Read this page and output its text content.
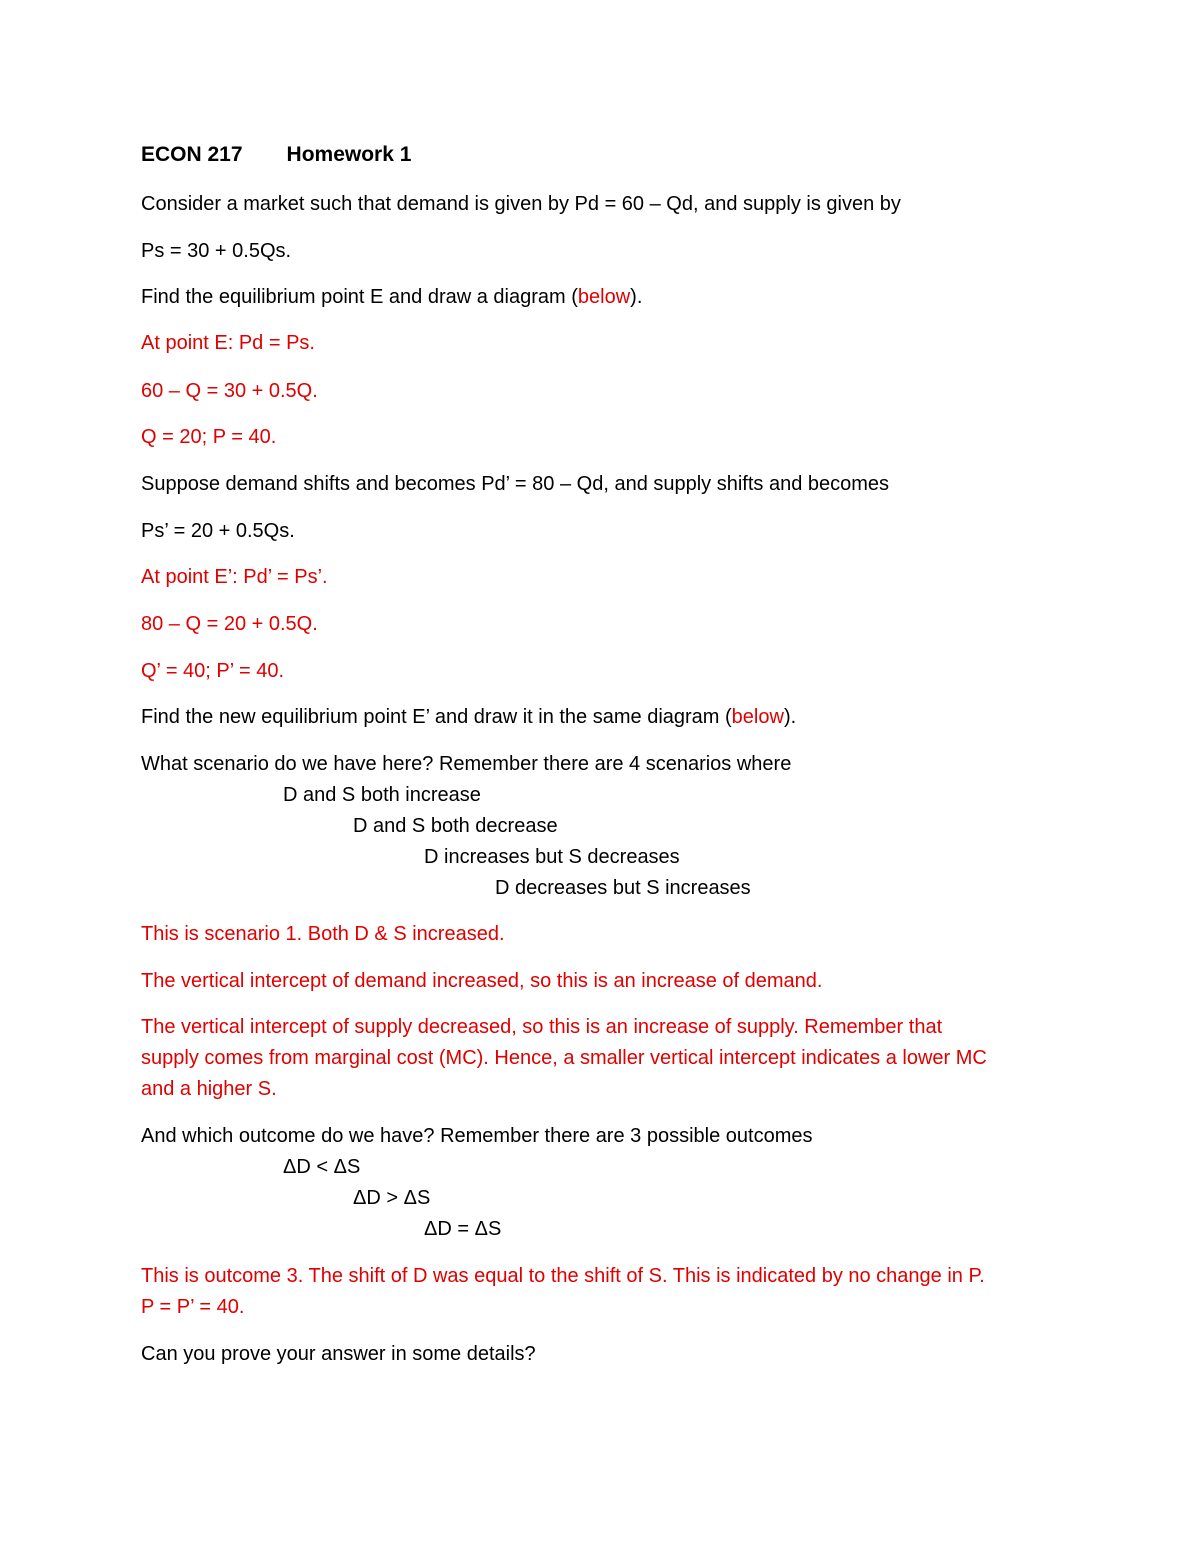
ECON 217 Homework 1

Consider a market such that demand is given by Pd = 60 – Qd, and supply is given by

Ps = 30 + 0.5Qs.

Find the equilibrium point E and draw a diagram (below).

At point E: Pd = Ps.

60 – Q = 30 + 0.5Q.

Q = 20; P = 40.

Suppose demand shifts and becomes Pd’ = 80 – Qd, and supply shifts and becomes

Ps’ = 20 + 0.5Qs.

At point E’: Pd’ = Ps’.

80 – Q = 20 + 0.5Q.

Q’ = 40; P’ = 40.

Find the new equilibrium point E’ and draw it in the same diagram (below).

What scenario do we have here? Remember there are 4 scenarios where

D and S both increase

D and S both decrease

D increases but S decreases

D decreases but S increases

This is scenario 1. Both D & S increased.

The vertical intercept of demand increased, so this is an increase of demand.

The vertical intercept of supply decreased, so this is an increase of supply. Remember that

supply comes from marginal cost (MC). Hence, a smaller vertical intercept indicates a lower MC

and a higher S.

And which outcome do we have? Remember there are 3 possible outcomes

ΔD < ΔS

ΔD > ΔS

ΔD = ΔS

This is outcome 3. The shift of D was equal to the shift of S. This is indicated by no change in P.

P = P’ = 40.

Can you prove your answer in some details?
